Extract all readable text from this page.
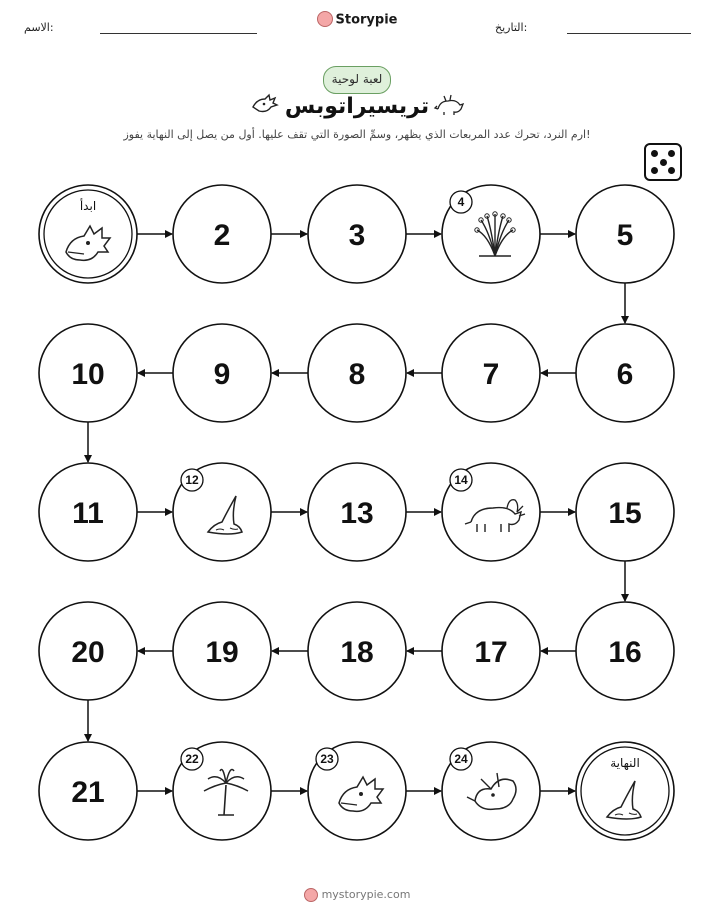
الاسم:	التاريخ:
Storypie
لعبة لوحية
تريسيراتوبس
ارم النرد، تحرك عدد المربعات الذي يظهر، وسمِّ الصورة التي تقف عليها. أول من يصل إلى النهاية يفوز!
ابدأ
2	3
4
5
6
7
8
9
10
11
12
13
14
15
16
17
18
19
20
21
22	23	24	النهاية
mystorypie.com
